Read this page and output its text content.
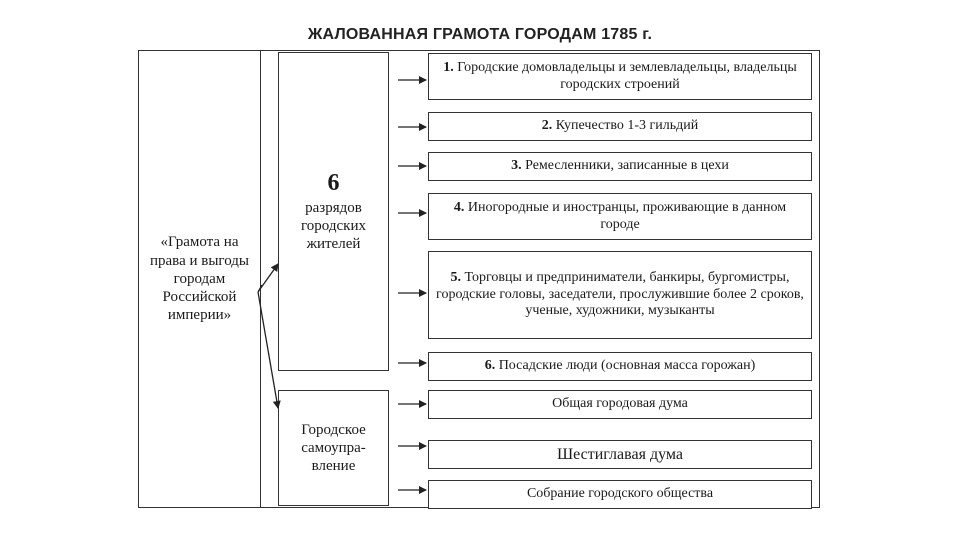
ЖАЛОВАННАЯ ГРАМОТА ГОРОДАМ 1785 г.
«Грамота на права и выгоды городам Российской империи»
6
разрядов городских жителей
Городское самоупра-вление
1. Городские домовладельцы и землевладельцы, владельцы городских строений
2. Купечество 1-3 гильдий
3. Ремесленники, записанные в цехи
4. Иногородные и иностранцы, проживающие в данном городе
5. Торговцы и предприниматели, банкиры, бургомистры, городские головы, заседатели, прослужившие более 2 сроков, ученые, художники, музыканты
6. Посадские люди (основная масса горожан)
Общая городовая дума
Шестиглавая дума
Собрание городского общества
